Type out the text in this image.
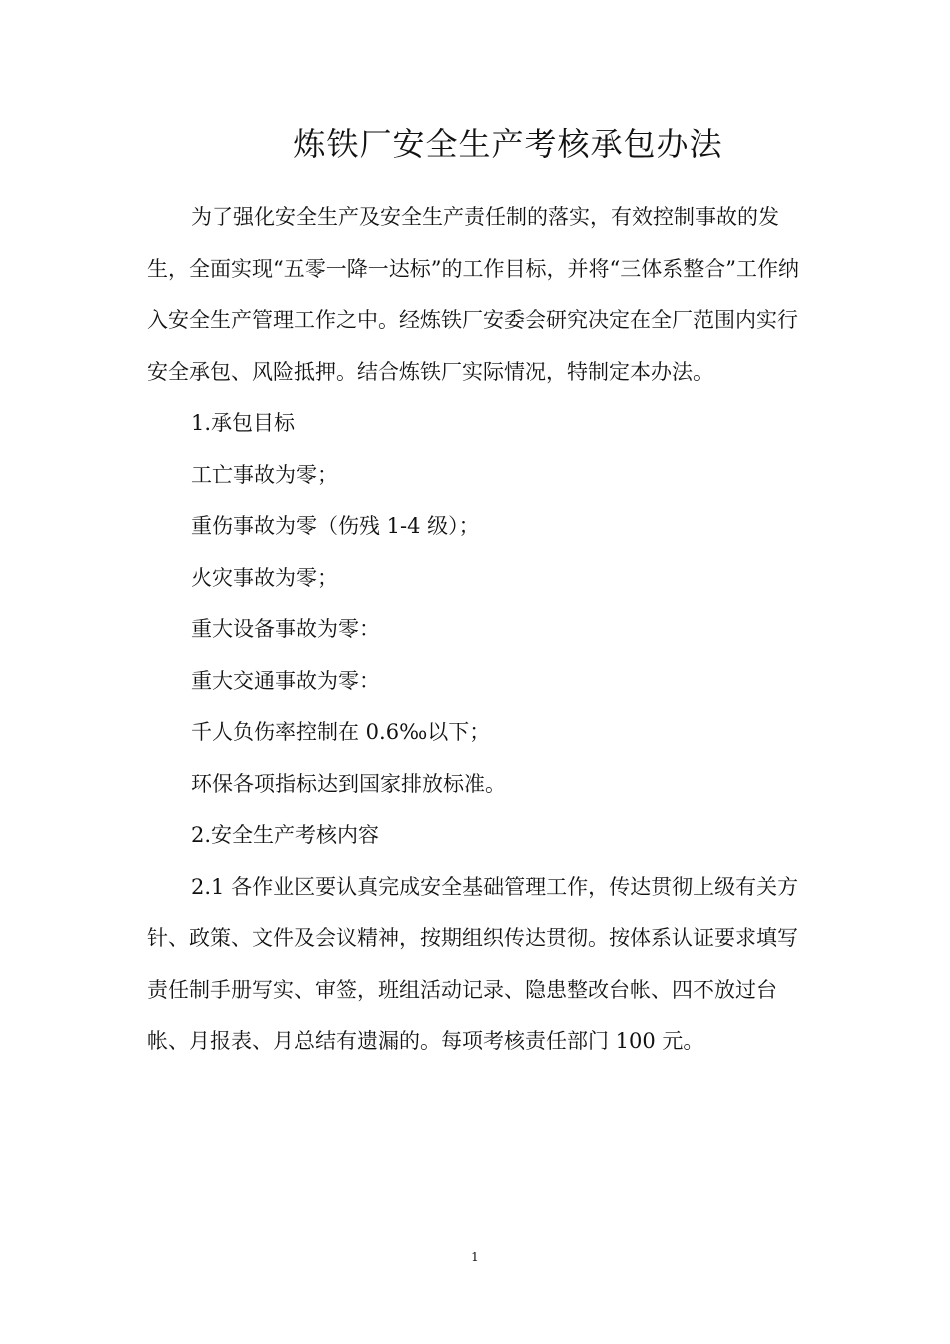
炼铁厂安全生产考核承包办法

为了强化安全生产及安全生产责任制的落实，有效控制事故的发生，全面实现“五零一降一达标”的工作目标，并将“三体系整合”工作纳入安全生产管理工作之中。经炼铁厂安委会研究决定在全厂范围内实行安全承包、风险抵押。结合炼铁厂实际情况，特制定本办法。

1.承包目标

工亡事故为零；

重伤事故为零（伤残 1-4 级）；

火灾事故为零；

重大设备事故为零：

重大交通事故为零：

千人负伤率控制在 0.6‰以下；

环保各项指标达到国家排放标准。

2.安全生产考核内容

2.1 各作业区要认真完成安全基础管理工作，传达贯彻上级有关方针、政策、文件及会议精神，按期组织传达贯彻。按体系认证要求填写责任制手册写实、审签，班组活动记录、隐患整改台帐、四不放过台帐、月报表、月总结有遗漏的。每项考核责任部门 100 元。

1
